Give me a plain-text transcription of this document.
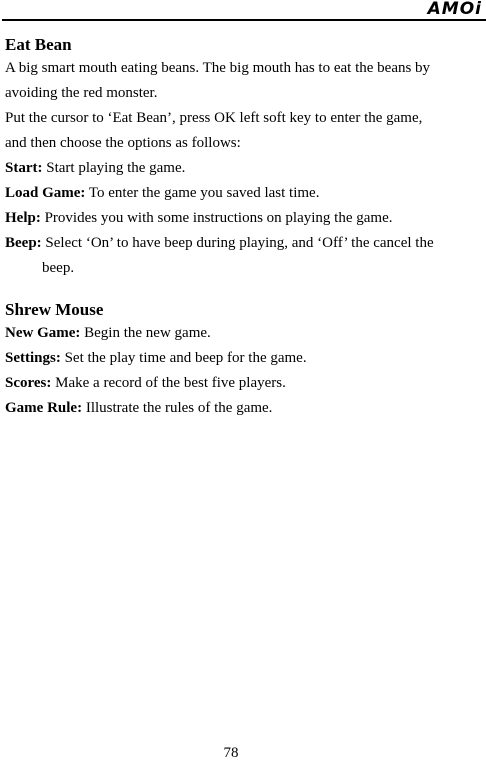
AMOi

Eat Bean

A big smart mouth eating beans. The big mouth has to eat the beans by

avoiding the red monster.

Put the cursor to ‘Eat Bean’, press OK left soft key to enter the game,

and then choose the options as follows:

Start: Start playing the game.

Load Game: To enter the game you saved last time.

Help: Provides you with some instructions on playing the game.

Beep: Select ‘On’ to have beep during playing, and ‘Off’ the cancel the

beep.

Shrew Mouse

New Game: Begin the new game.

Settings: Set the play time and beep for the game.

Scores: Make a record of the best five players.

Game Rule: Illustrate the rules of the game.

78
